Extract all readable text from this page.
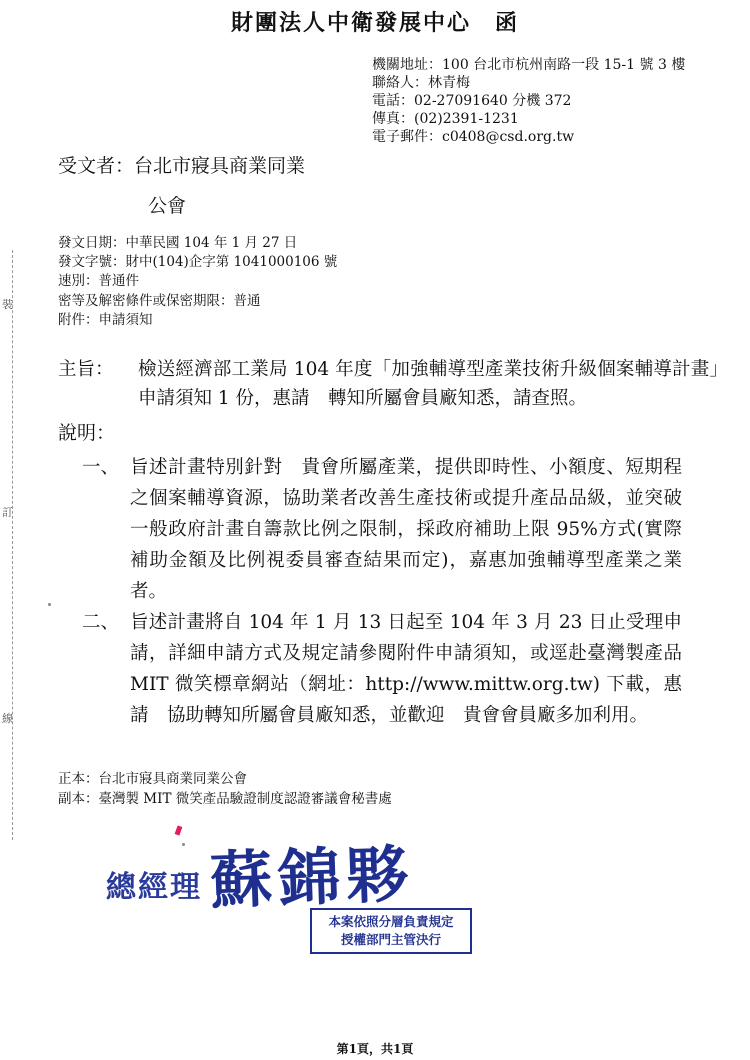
財團法人中衛發展中心　函
機關地址：100 台北市杭州南路一段 15-1 號 3 樓
聯絡人：林青梅
電話：02-27091640 分機 372
傳真：(02)2391-1231
電子郵件：c0408@csd.org.tw
受文者：台北市寢具商業同業
公會
發文日期：中華民國 104 年 1 月 27 日
發文字號：財中(104)企字第 1041000106 號
速別：普通件
密等及解密條件或保密期限：普通
附件：申請須知
裝
訂
線
主旨： 檢送經濟部工業局 104 年度「加強輔導型產業技術升級個案輔導計畫」申請須知 1 份，惠請　轉知所屬會員廠知悉，請查照。
說明：
一、 旨述計畫特別針對　貴會所屬產業，提供即時性、小額度、短期程之個案輔導資源，協助業者改善生產技術或提升產品品級，並突破一般政府計畫自籌款比例之限制，採政府補助上限 95%方式(實際補助金額及比例視委員審查結果而定)，嘉惠加強輔導型產業之業者。
二、 旨述計畫將自 104 年 1 月 13 日起至 104 年 3 月 23 日止受理申請，詳細申請方式及規定請參閱附件申請須知，或逕赴臺灣製產品 MIT 微笑標章網站（網址：http://www.mittw.org.tw) 下載，惠請　協助轉知所屬會員廠知悉，並歡迎　貴會會員廠多加利用。
正本：台北市寢具商業同業公會
副本：臺灣製 MIT 微笑產品驗證制度認證審議會秘書處
總經理 蘇錦夥
本案依照分層負責規定
授權部門主管決行
第1頁，共1頁
